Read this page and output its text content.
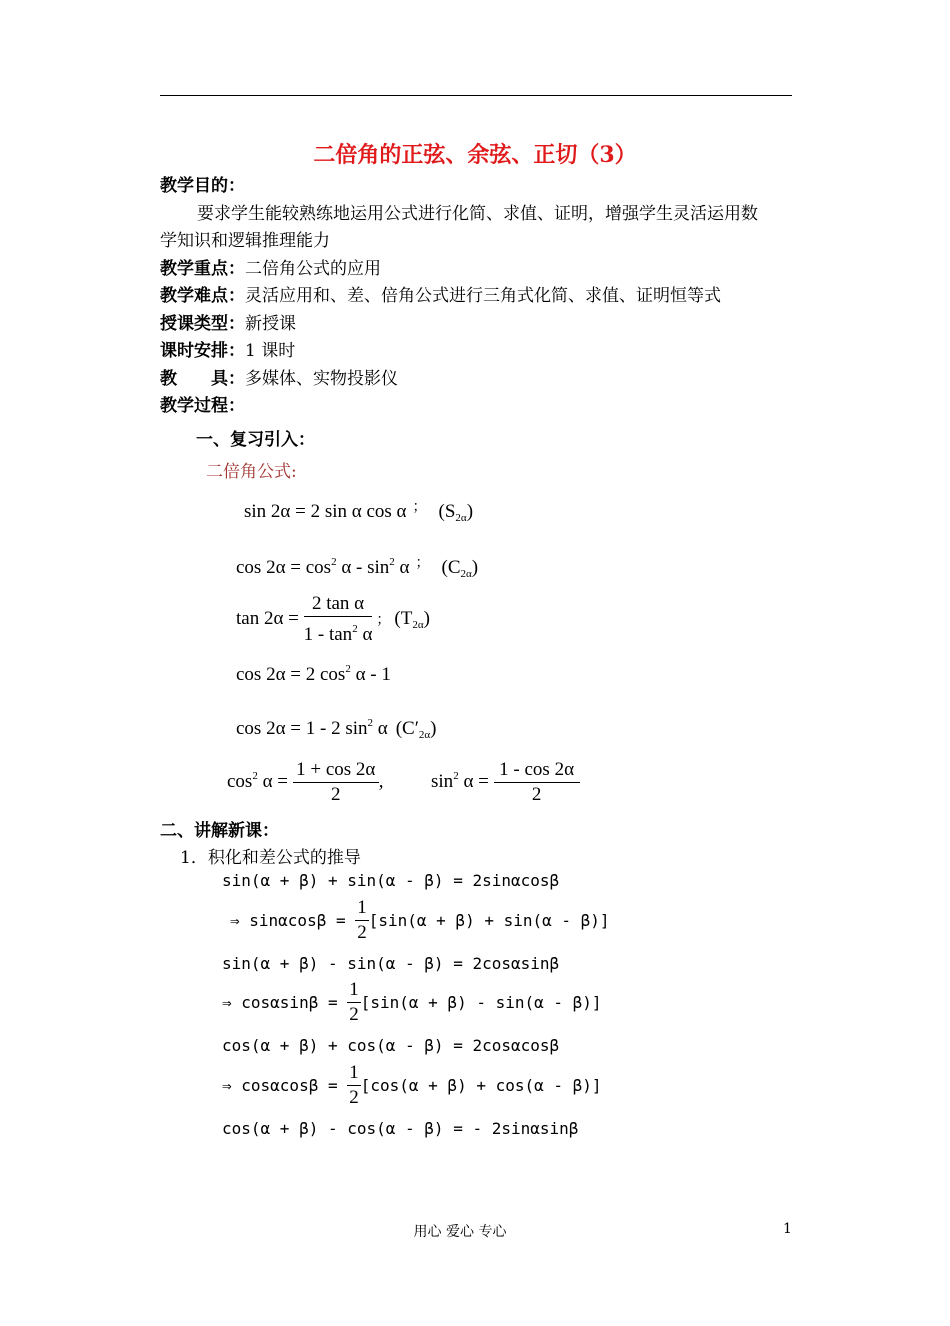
二倍角的正弦、余弦、正切（3）
教学目的：
要求学生能较熟练地运用公式进行化简、求值、证明，增强学生灵活运用数
学知识和逻辑推理能力
教学重点：二倍角公式的应用
教学难点：灵活应用和、差、倍角公式进行三角式化简、求值、证明恒等式
授课类型：新授课
课时安排：1 课时
教　　具：多媒体、实物投影仪
教学过程：
一、复习引入：
二倍角公式:
sin 2α = 2 sin α cos α ； $(S_{2\alpha})$
$\cos 2\alpha = \cos^2 \alpha - \sin^2 \alpha$ ； $(C_{2\alpha})$
$\tan 2\alpha = \frac{\text{2 tan α}}{1 - \tan^2 \alpha}$ ； $(T_{2\alpha})$
cos 2α = 2 $\cos^2 \alpha - 1$
cos 2α = 1 - 2 $\sin^2 \alpha$ $(C'_{2\alpha})$
$\cos^2 \alpha = \frac{1 + \cos 2\alpha}{2}$ ,	$\sin^2 \alpha = \frac{1 - \cos 2\alpha}{2}$
二、讲解新课：
1．积化和差公式的推导
sin(α + β) + sin(α - β) = 2sinαcosβ
⇒ $\sin\alpha\cos\beta = \frac{1}{2} [\sin(\alpha + \beta) + \sin(\alpha - \beta)]$
sin(α + β) - sin(α - β) = 2cosαsinβ
⇒ $\cos\alpha\sin\beta = \frac{1}{2} [\sin(\alpha + \beta) - \sin(\alpha - \beta)]$
cos(α + β) + cos(α - β) = 2cosαcosβ
⇒ $\cos\alpha\cos\beta = \frac{1}{2} [\cos(\alpha + \beta) + \cos(\alpha - \beta)]$
cos(α + β) - cos(α - β) = - 2sinαsinβ
用心 爱心 专心	1
